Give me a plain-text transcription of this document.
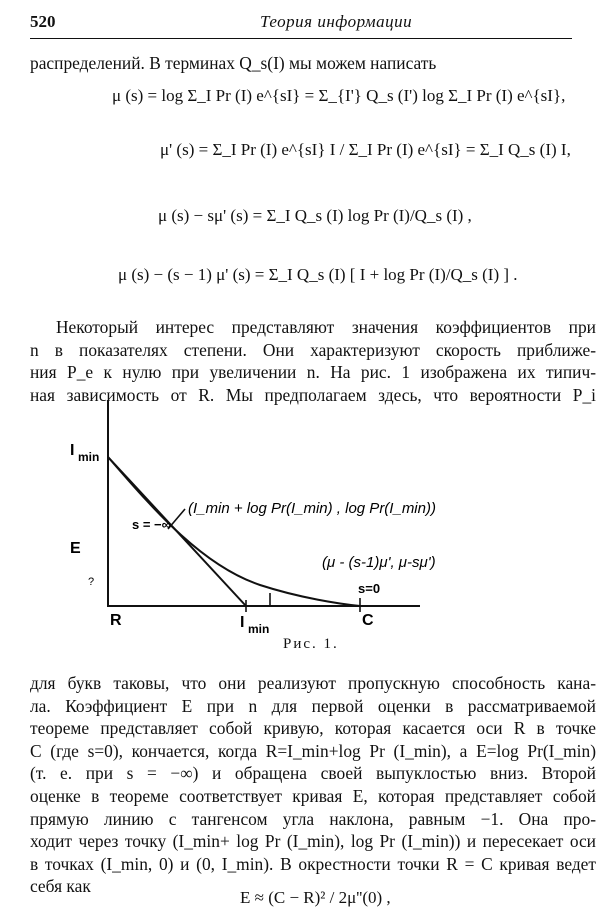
520	Теория информации
распределений. В терминах Q_s(I) мы можем написать
μ (s) = log Σ_I Pr (I) e^{sI} = Σ_{I'} Q_s (I') log Σ_I Pr (I) e^{sI},
μ' (s) = Σ_I Pr (I) e^{sI} I / Σ_I Pr (I) e^{sI} = Σ_I Q_s (I) I,
μ (s) − sμ' (s) = Σ_I Q_s (I) log Pr (I)/Q_s (I) ,
μ (s) − (s − 1) μ' (s) = Σ_I Q_s (I) [ I + log Pr (I)/Q_s (I) ] .
Некоторый интерес представляют значения коэффициентов при
n в показателях степени. Они характеризуют скорость приближе-
ния P_e к нулю при увеличении n. На рис. 1 изображена их типич-
ная зависимость от R. Мы предполагаем здесь, что вероятности P_i
I min
E
?
R	I min	C
s = −∞
s=0
(I_min + log Pr(I_min) , log Pr(I_min))
(μ - (s-1)μ', μ-sμ')
Рис. 1.
для букв таковы, что они реализуют пропускную способность кана-
ла. Коэффициент E при n для первой оценки в рассматриваемой
теореме представляет собой кривую, которая касается оси R в точке
C (где s=0), кончается, когда R=I_min+log Pr (I_min), а E=log Pr(I_min)
(т. е. при s = −∞) и обращена своей выпуклостью вниз. Второй
оценке в теореме соответствует кривая E, которая представляет собой
прямую линию с тангенсом угла наклона, равным −1. Она про-
ходит через точку (I_min+ log Pr (I_min), log Pr (I_min)) и пересекает оси
в точках (I_min, 0) и (0, I_min). В окрестности точки R = C кривая ведет
себя как
E ≈ (C − R)² / 2μ''(0) ,
